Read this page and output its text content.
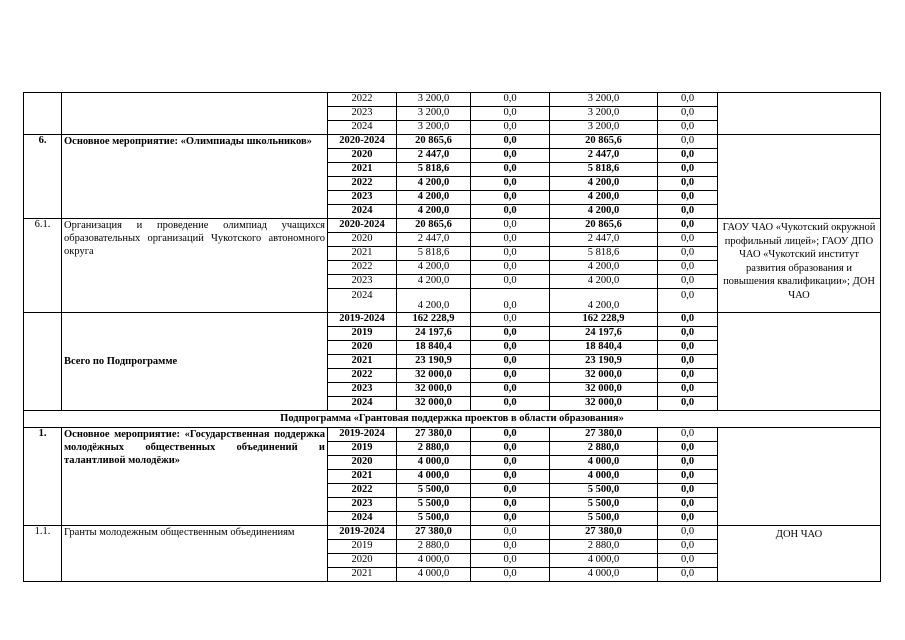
		2022	3 200,0	0,0	3 200,0	0,0	
		2023	3 200,0	0,0	3 200,0	0,0	
		2024	3 200,0	0,0	3 200,0	0,0	
6.	Основное мероприятие: «Олимпиады школьников»	2020-2024	20 865,6	0,0	20 865,6	0,0	
		2020	2 447,0	0,0	2 447,0	0,0	
		2021	5 818,6	0,0	5 818,6	0,0	
		2022	4 200,0	0,0	4 200,0	0,0	
		2023	4 200,0	0,0	4 200,0	0,0	
		2024	4 200,0	0,0	4 200,0	0,0	
6.1.	Организация и проведение олимпиад учащихся образовательных организаций Чукотского автономного округа	2020-2024	20 865,6	0,0	20 865,6	0,0	ГАОУ ЧАО «Чукотский окружной профильный лицей»; ГАОУ ДПО ЧАО «Чукотский институт развития образования и повышения квалификации»; ДОН ЧАО
		2020	2 447,0	0,0	2 447,0	0,0	
		2021	5 818,6	0,0	5 818,6	0,0	
		2022	4 200,0	0,0	4 200,0	0,0	
		2023	4 200,0	0,0	4 200,0	0,0	
		2024	4 200,0	0,0	4 200,0	0,0	
	Всего по Подпрограмме	2019-2024	162 228,9	0,0	162 228,9	0,0	
		2019	24 197,6	0,0	24 197,6	0,0	
		2020	18 840,4	0,0	18 840,4	0,0	
		2021	23 190,9	0,0	23 190,9	0,0	
		2022	32 000,0	0,0	32 000,0	0,0	
		2023	32 000,0	0,0	32 000,0	0,0	
		2024	32 000,0	0,0	32 000,0	0,0	
Подпрограмма «Грантовая поддержка проектов в области образования»							
1.	Основное мероприятие: «Государственная поддержка молодёжных общественных объединений и талантливой молодёжи»	2019-2024	27 380,0	0,0	27 380,0	0,0	
		2019	2 880,0	0,0	2 880,0	0,0	
		2020	4 000,0	0,0	4 000,0	0,0	
		2021	4 000,0	0,0	4 000,0	0,0	
		2022	5 500,0	0,0	5 500,0	0,0	
		2023	5 500,0	0,0	5 500,0	0,0	
		2024	5 500,0	0,0	5 500,0	0,0	
1.1.	Гранты молодежным общественным объединениям	2019-2024	27 380,0	0,0	27 380,0	0,0	ДОН ЧАО
		2019	2 880,0	0,0	2 880,0	0,0	
		2020	4 000,0	0,0	4 000,0	0,0	
		2021	4 000,0	0,0	4 000,0	0,0	
